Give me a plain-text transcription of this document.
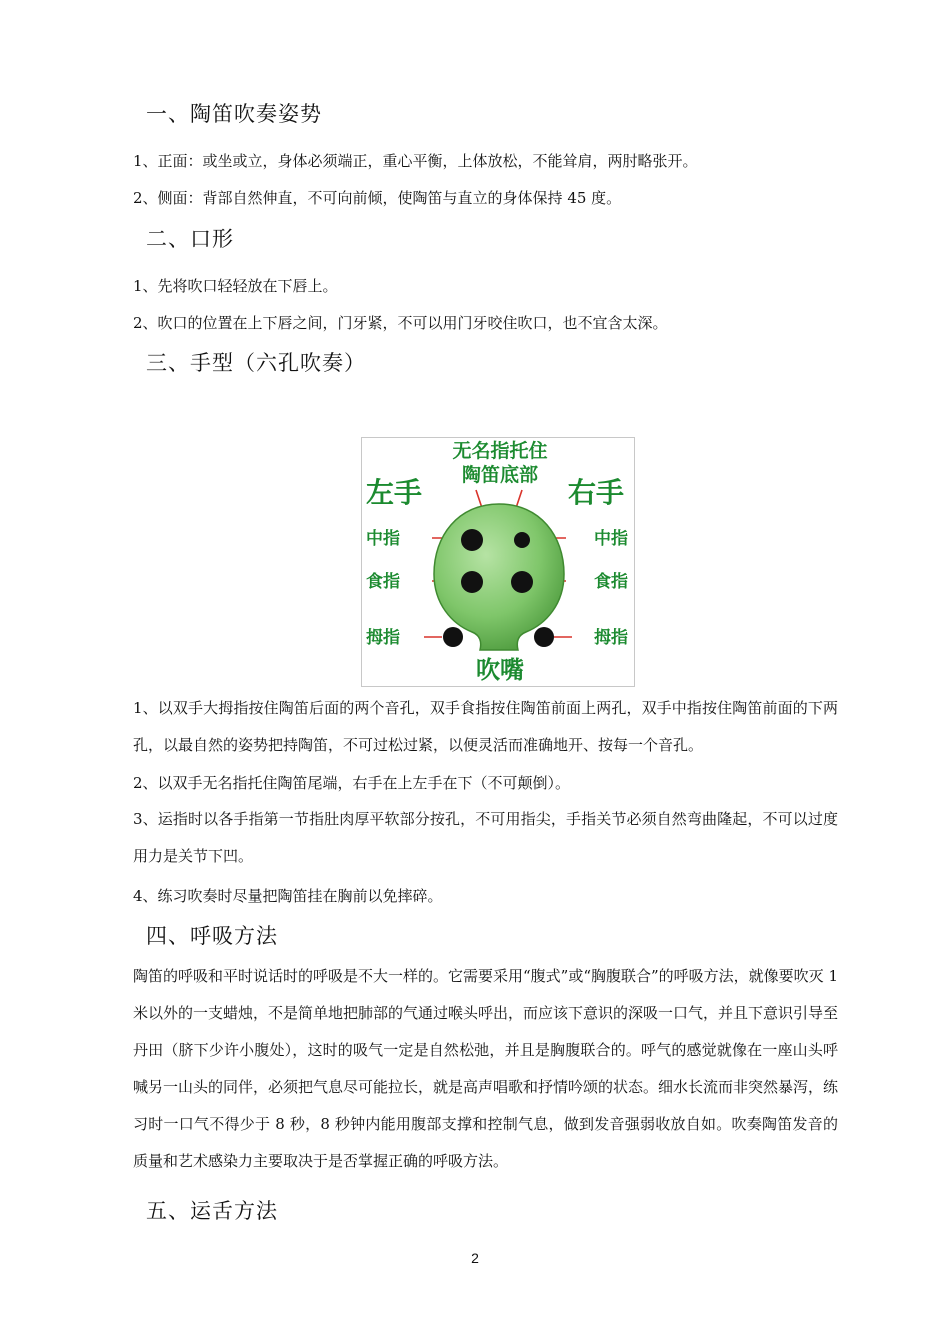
一、陶笛吹奏姿势
1、正面：或坐或立，身体必须端正，重心平衡，上体放松，不能耸肩，两肘略张开。
2、侧面：背部自然伸直，不可向前倾，使陶笛与直立的身体保持 45 度。
二、口形
1、先将吹口轻轻放在下唇上。
2、吹口的位置在上下唇之间，门牙紧，不可以用门牙咬住吹口，也不宜含太深。
三、手型（六孔吹奏）
无名指托住
陶笛底部
左手	右手
中指	中指
食指	食指
拇指	拇指
吹嘴
1、以双手大拇指按住陶笛后面的两个音孔，双手食指按住陶笛前面上两孔，双手中指按住陶笛前面的下两孔，以最自然的姿势把持陶笛，不可过松过紧，以便灵活而准确地开、按每一个音孔。
2、以双手无名指托住陶笛尾端，右手在上左手在下（不可颠倒）。
3、运指时以各手指第一节指肚肉厚平软部分按孔，不可用指尖，手指关节必须自然弯曲隆起，不可以过度用力是关节下凹。
4、练习吹奏时尽量把陶笛挂在胸前以免摔碎。
四、呼吸方法
陶笛的呼吸和平时说话时的呼吸是不大一样的。它需要采用“腹式”或“胸腹联合”的呼吸方法，就像要吹灭 1 米以外的一支蜡烛，不是简单地把肺部的气通过喉头呼出，而应该下意识的深吸一口气，并且下意识引导至丹田（脐下少许小腹处），这时的吸气一定是自然松弛，并且是胸腹联合的。呼气的感觉就像在一座山头呼喊另一山头的同伴，必须把气息尽可能拉长，就是高声唱歌和抒情吟颂的状态。细水长流而非突然暴泻，练习时一口气不得少于 8 秒，8 秒钟内能用腹部支撑和控制气息，做到发音强弱收放自如。吹奏陶笛发音的质量和艺术感染力主要取决于是否掌握正确的呼吸方法。
五、运舌方法
2
